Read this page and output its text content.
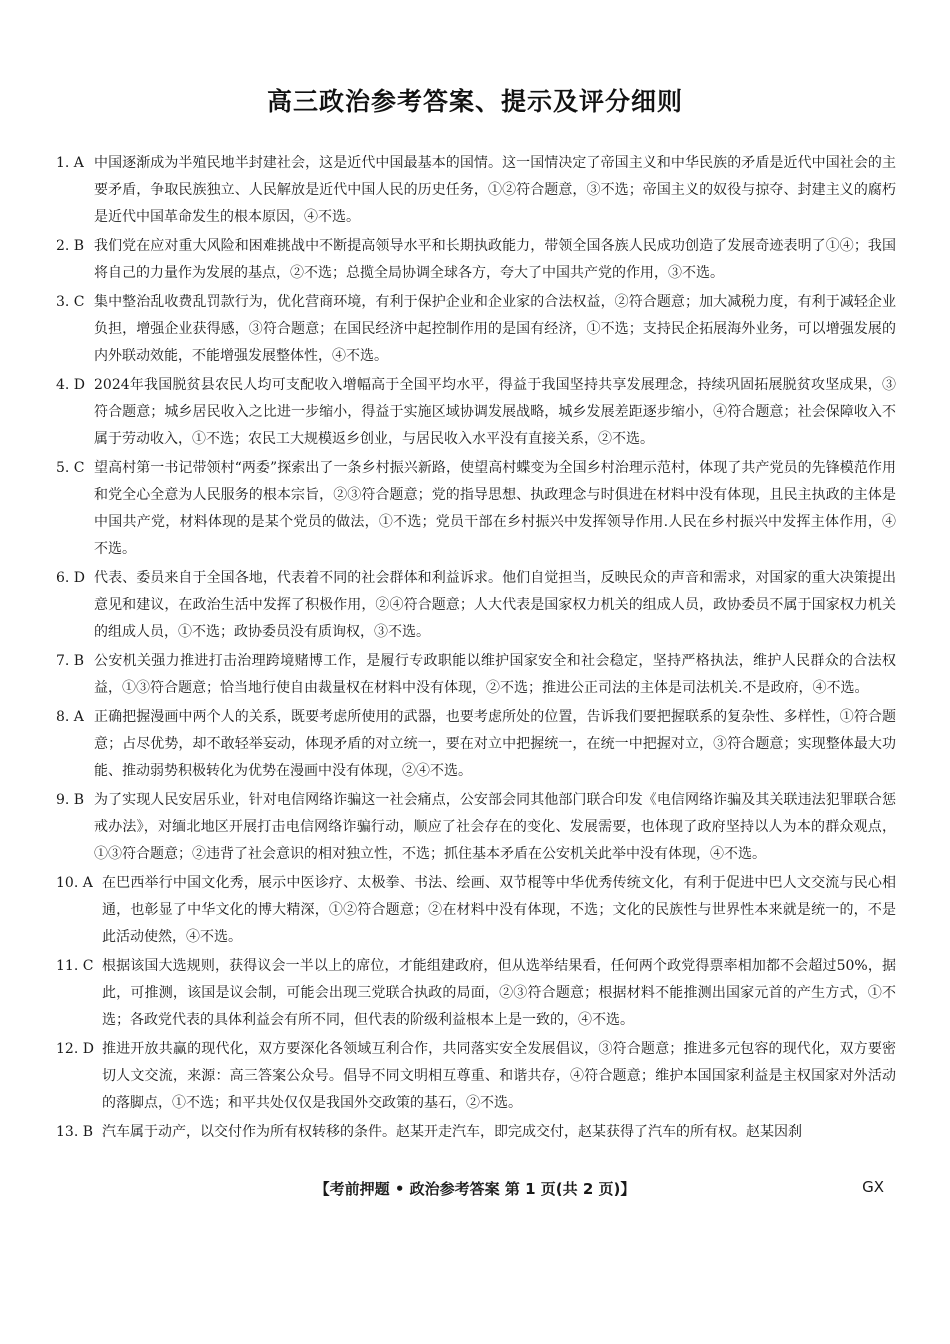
高三政治参考答案、提示及评分细则
1. A 中国逐渐成为半殖民地半封建社会，这是近代中国最基本的国情。这一国情决定了帝国主义和中华民族的矛盾是近代中国社会的主要矛盾，争取民族独立、人民解放是近代中国人民的历史任务，①②符合题意，③不选；帝国主义的奴役与掠夺、封建主义的腐朽是近代中国革命发生的根本原因，④不选。
2. B 我们党在应对重大风险和困难挑战中不断提高领导水平和长期执政能力，带领全国各族人民成功创造了发展奇迹表明了①④；我国将自己的力量作为发展的基点，②不选；总揽全局协调全球各方，夸大了中国共产党的作用，③不选。
3. C 集中整治乱收费乱罚款行为，优化营商环境，有利于保护企业和企业家的合法权益，②符合题意；加大减税力度，有利于减轻企业负担，增强企业获得感，③符合题意；在国民经济中起控制作用的是国有经济，①不选；支持民企拓展海外业务，可以增强发展的内外联动效能，不能增强发展整体性，④不选。
4. D 2024年我国脱贫县农民人均可支配收入增幅高于全国平均水平，得益于我国坚持共享发展理念，持续巩固拓展脱贫攻坚成果，③符合题意；城乡居民收入之比进一步缩小，得益于实施区域协调发展战略，城乡发展差距逐步缩小，④符合题意；社会保障收入不属于劳动收入，①不选；农民工大规模返乡创业，与居民收入水平没有直接关系，②不选。
5. C 望高村第一书记带领村“两委”探索出了一条乡村振兴新路，使望高村蝶变为全国乡村治理示范村，体现了共产党员的先锋模范作用和党全心全意为人民服务的根本宗旨，②③符合题意；党的指导思想、执政理念与时俱进在材料中没有体现，且民主执政的主体是中国共产党，材料体现的是某个党员的做法，①不选；党员干部在乡村振兴中发挥领导作用.人民在乡村振兴中发挥主体作用，④不选。
6. D 代表、委员来自于全国各地，代表着不同的社会群体和利益诉求。他们自觉担当，反映民众的声音和需求，对国家的重大决策提出意见和建议，在政治生活中发挥了积极作用，②④符合题意；人大代表是国家权力机关的组成人员，政协委员不属于国家权力机关的组成人员，①不选；政协委员没有质询权，③不选。
7. B 公安机关强力推进打击治理跨境赌博工作，是履行专政职能以维护国家安全和社会稳定，坚持严格执法，维护人民群众的合法权益，①③符合题意；恰当地行使自由裁量权在材料中没有体现，②不选；推进公正司法的主体是司法机关.不是政府，④不选。
8. A 正确把握漫画中两个人的关系，既要考虑所使用的武器，也要考虑所处的位置，告诉我们要把握联系的复杂性、多样性，①符合题意；占尽优势，却不敢轻举妄动，体现矛盾的对立统一，要在对立中把握统一，在统一中把握对立，③符合题意；实现整体最大功能、推动弱势积极转化为优势在漫画中没有体现，②④不选。
9. B 为了实现人民安居乐业，针对电信网络诈骗这一社会痛点，公安部会同其他部门联合印发《电信网络诈骗及其关联违法犯罪联合惩戒办法》，对缅北地区开展打击电信网络诈骗行动，顺应了社会存在的变化、发展需要，也体现了政府坚持以人为本的群众观点，①③符合题意；②违背了社会意识的相对独立性，不选；抓住基本矛盾在公安机关此举中没有体现，④不选。
10. A 在巴西举行中国文化秀，展示中医诊疗、太极拳、书法、绘画、双节棍等中华优秀传统文化，有利于促进中巴人文交流与民心相通，也彰显了中华文化的博大精深，①②符合题意；②在材料中没有体现，不选；文化的民族性与世界性本来就是统一的，不是此活动使然，④不选。
11. C 根据该国大选规则，获得议会一半以上的席位，才能组建政府，但从选举结果看，任何两个政党得票率相加都不会超过50%，据此，可推测，该国是议会制，可能会出现三党联合执政的局面，②③符合题意；根据材料不能推测出国家元首的产生方式，①不选；各政党代表的具体利益会有所不同，但代表的阶级利益根本上是一致的，④不选。
12. D 推进开放共赢的现代化，双方要深化各领域互利合作，共同落实安全发展倡议，③符合题意；推进多元包容的现代化，双方要密切人文交流，来源：高三答案公众号。倡导不同文明相互尊重、和谐共存，④符合题意；维护本国国家利益是主权国家对外活动的落脚点，①不选；和平共处仅仅是我国外交政策的基石，②不选。
13. B 汽车属于动产，以交付作为所有权转移的条件。赵某开走汽车，即完成交付，赵某获得了汽车的所有权。赵某因刹
【考前押题 • 政治参考答案 第 1 页(共 2 页)】	GX
